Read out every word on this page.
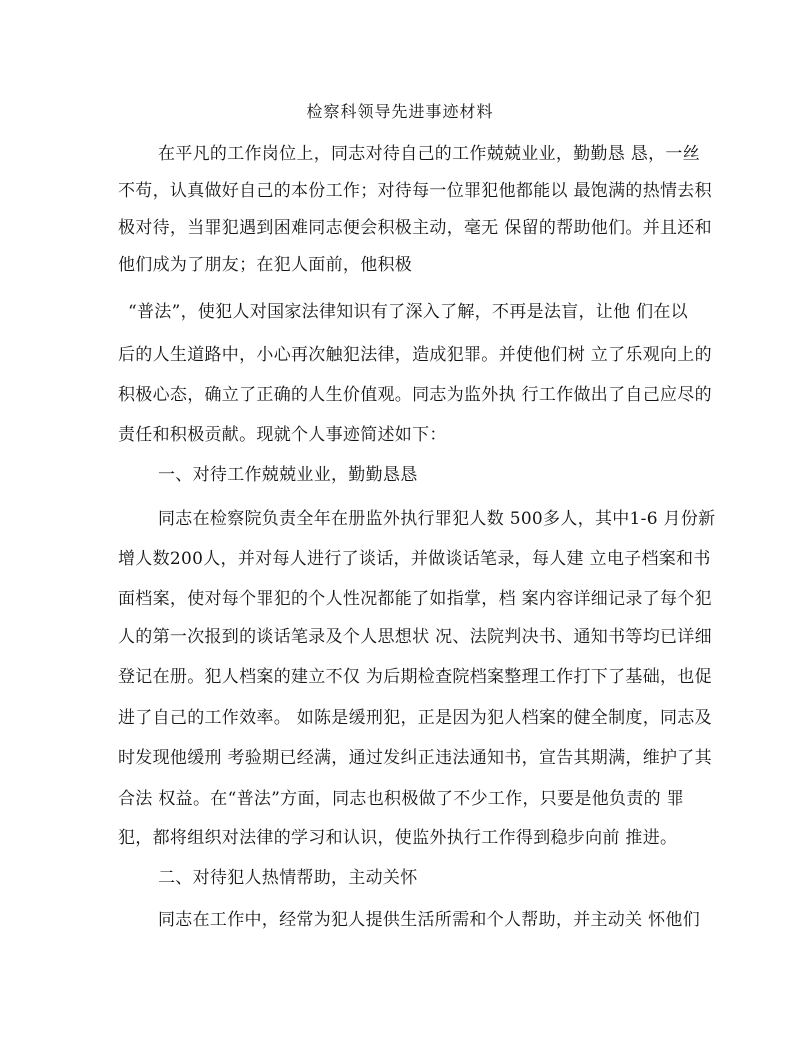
检察科领导先进事迹材料
在平凡的工作岗位上，同志对待自己的工作兢兢业业，勤勤恳 恳，一丝
不苟，认真做好自己的本份工作；对待每一位罪犯他都能以 最饱满的热情去积
极对待，当罪犯遇到困难同志便会积极主动，毫无 保留的帮助他们。并且还和
他们成为了朋友；在犯人面前，他积极
“普法”，使犯人对国家法律知识有了深入了解，不再是法盲，让他 们在以
后的人生道路中，小心再次触犯法律，造成犯罪。并使他们树 立了乐观向上的
积极心态，确立了正确的人生价值观。同志为监外执 行工作做出了自己应尽的
责任和积极贡献。现就个人事迹简述如下：
一、对待工作兢兢业业，勤勤恳恳
同志在检察院负责全年在册监外执行罪犯人数 500多人，其中1-6 月份新
增人数200人，并对每人进行了谈话，并做谈话笔录，每人建 立电子档案和书
面档案，使对每个罪犯的个人性况都能了如指掌，档 案内容详细记录了每个犯
人的第一次报到的谈话笔录及个人思想状 况、法院判决书、通知书等均已详细
登记在册。犯人档案的建立不仅 为后期检查院档案整理工作打下了基础，也促
进了自己的工作效率。 如陈是缓刑犯，正是因为犯人档案的健全制度，同志及
时发现他缓刑 考验期已经满，通过发纠正违法通知书，宣告其期满，维护了其
合法 权益。在“普法”方面，同志也积极做了不少工作，只要是他负责的 罪
犯，都将组织对法律的学习和认识，使监外执行工作得到稳步向前 推进。
二、对待犯人热情帮助，主动关怀
同志在工作中，经常为犯人提供生活所需和个人帮助，并主动关 怀他们
